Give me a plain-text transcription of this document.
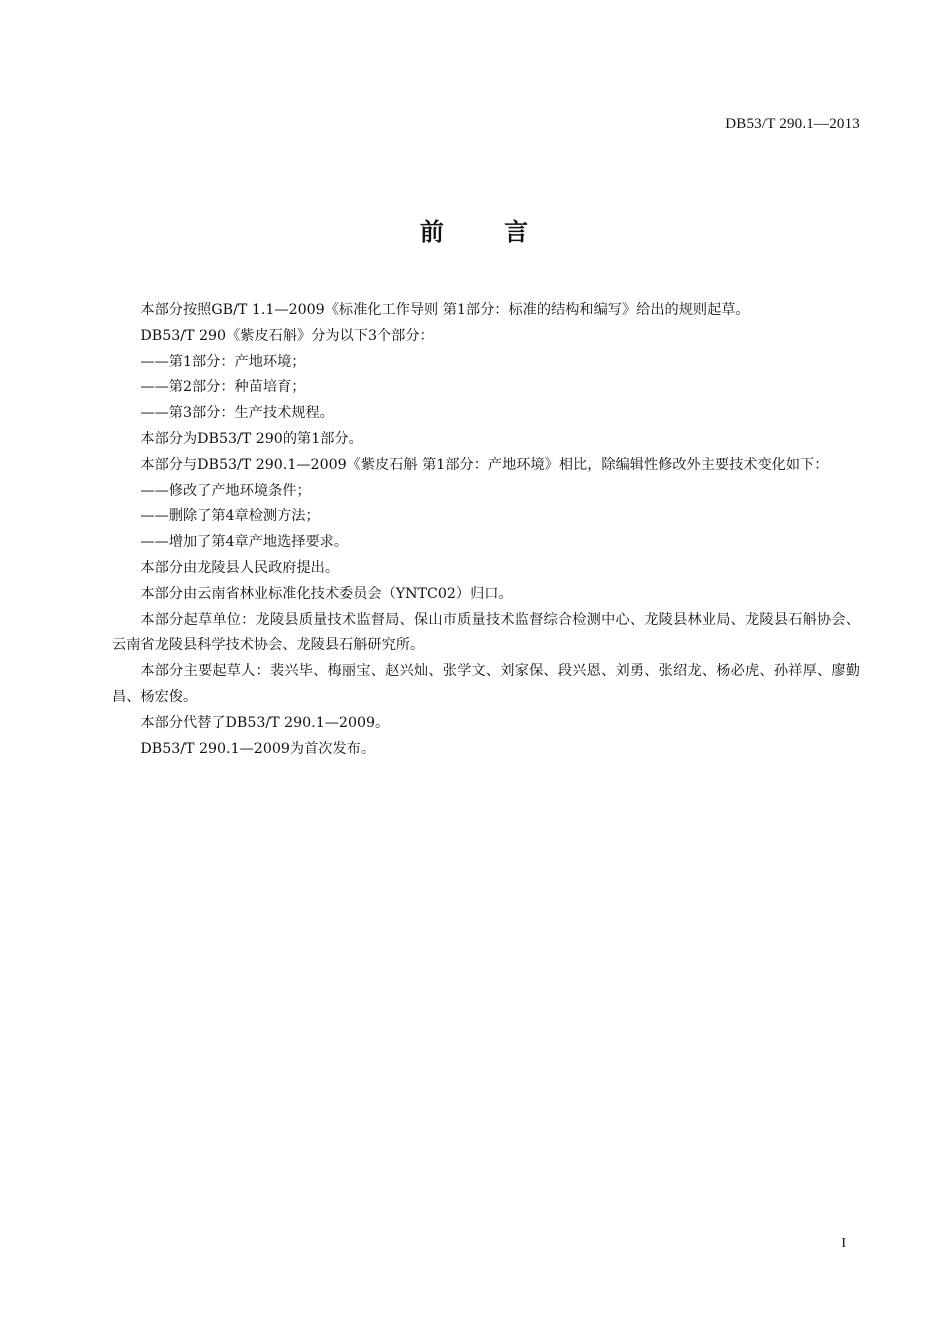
DB53/T 290.1—2013
前 言

本部分按照GB/T 1.1—2009《标准化工作导则 第1部分：标准的结构和编写》给出的规则起草。

DB53/T 290《紫皮石斛》分为以下3个部分：

——第1部分：产地环境；

——第2部分：种苗培育；

——第3部分：生产技术规程。

本部分为DB53/T 290的第1部分。

本部分与DB53/T 290.1—2009《紫皮石斛 第1部分：产地环境》相比，除编辑性修改外主要技术变化如下：

——修改了产地环境条件；

——删除了第4章检测方法；

——增加了第4章产地选择要求。

本部分由龙陵县人民政府提出。

本部分由云南省林业标准化技术委员会（YNTC02）归口。

本部分起草单位：龙陵县质量技术监督局、保山市质量技术监督综合检测中心、龙陵县林业局、龙陵县石斛协会、云南省龙陵县科学技术协会、龙陵县石斛研究所。

本部分主要起草人：裴兴毕、梅丽宝、赵兴灿、张学文、刘家保、段兴恩、刘勇、张绍龙、杨必虎、孙祥厚、廖勤昌、杨宏俊。

本部分代替了DB53/T 290.1—2009。

DB53/T 290.1—2009为首次发布。

I
